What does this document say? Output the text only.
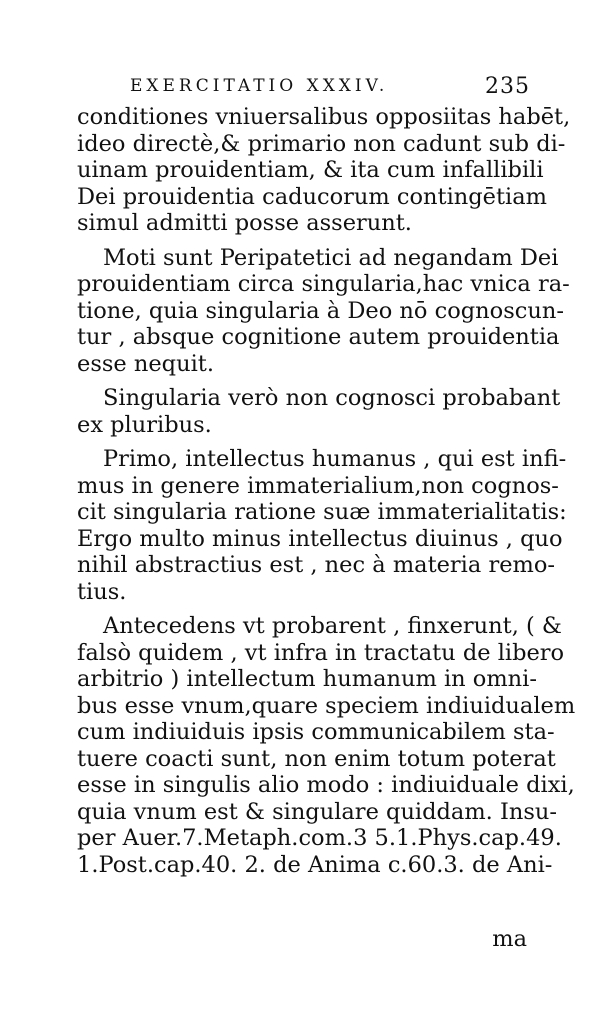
EXERCITATIO XXXIV.	235
conditiones vniuersalibus opposiitas habēt,
ideo directè,& primario non cadunt sub di-
uinam prouidentiam, & ita cum infallibili
Dei prouidentia caducorum contingētiam
simul admitti posse asserunt.
Moti sunt Peripatetici ad negandam Dei
prouidentiam circa singularia,hac vnica ra-
tione, quia singularia à Deo nō cognoscun-
tur , absque cognitione autem prouidentia
esse nequit.
Singularia verò non cognosci probabant
ex pluribus.
Primo, intellectus humanus , qui est infi-
mus in genere immaterialium,non cognos-
cit singularia ratione suæ immaterialitatis:
Ergo multo minus intellectus diuinus , quo
nihil abstractius est , nec à materia remo-
tius.
Antecedens vt probarent , finxerunt, ( &
falsò quidem , vt infra in tractatu de libero
arbitrio ) intellectum humanum in omni-
bus esse vnum,quare speciem indiuidualem
cum indiuiduis ipsis communicabilem sta-
tuere coacti sunt, non enim totum poterat
esse in singulis alio modo : indiuiduale dixi,
quia vnum est & singulare quiddam. Insu-
per Auer.7.Metaph.com.3 5.1.Phys.cap.49.
1.Post.cap.40. 2. de Anima c.60.3. de Ani-
ma
